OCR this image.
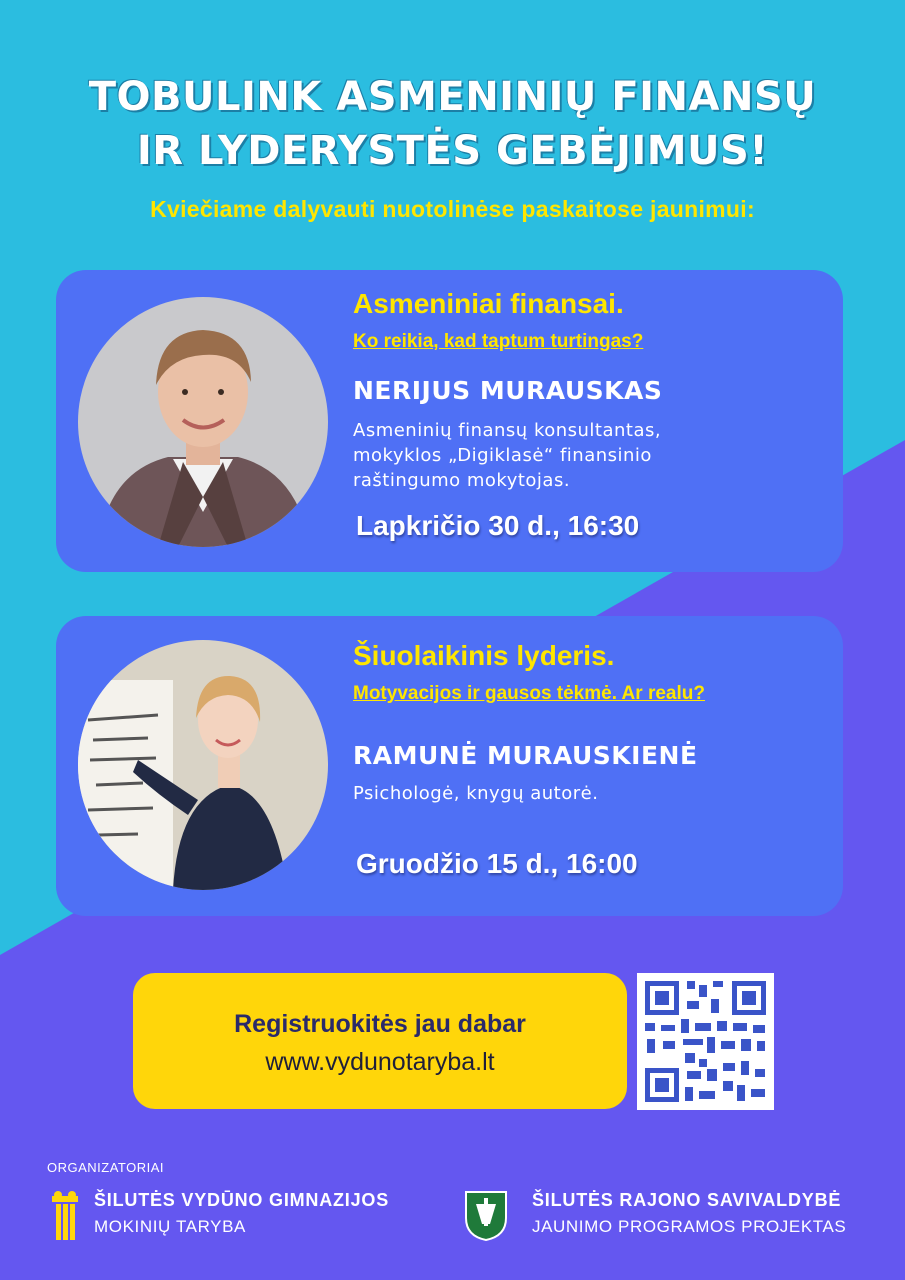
TOBULINK ASMENINIŲ FINANSŲ
IR LYDERYSTĖS GEBĖJIMUS!
Kviečiame dalyvauti nuotolinėse paskaitose jaunimui:
Asmeniniai finansai.
Ko reikia, kad taptum turtingas?
NERIJUS MURAUSKAS
Asmeninių finansų konsultantas,
mokyklos „Digiklasė“ finansinio
raštingumo mokytojas.
Lapkričio 30 d., 16:30
Šiuolaikinis lyderis.
Motyvacijos ir gausos tėkmė. Ar realu?
RAMUNĖ MURAUSKIENĖ
Psichologė, knygų autorė.
Gruodžio 15 d., 16:00
Registruokitės jau dabar
www.vydunotaryba.lt
ORGANIZATORIAI
ŠILUTĖS VYDŪNO GIMNAZIJOS
MOKINIŲ TARYBA
ŠILUTĖS RAJONO SAVIVALDYBĖ
JAUNIMO PROGRAMOS PROJEKTAS
